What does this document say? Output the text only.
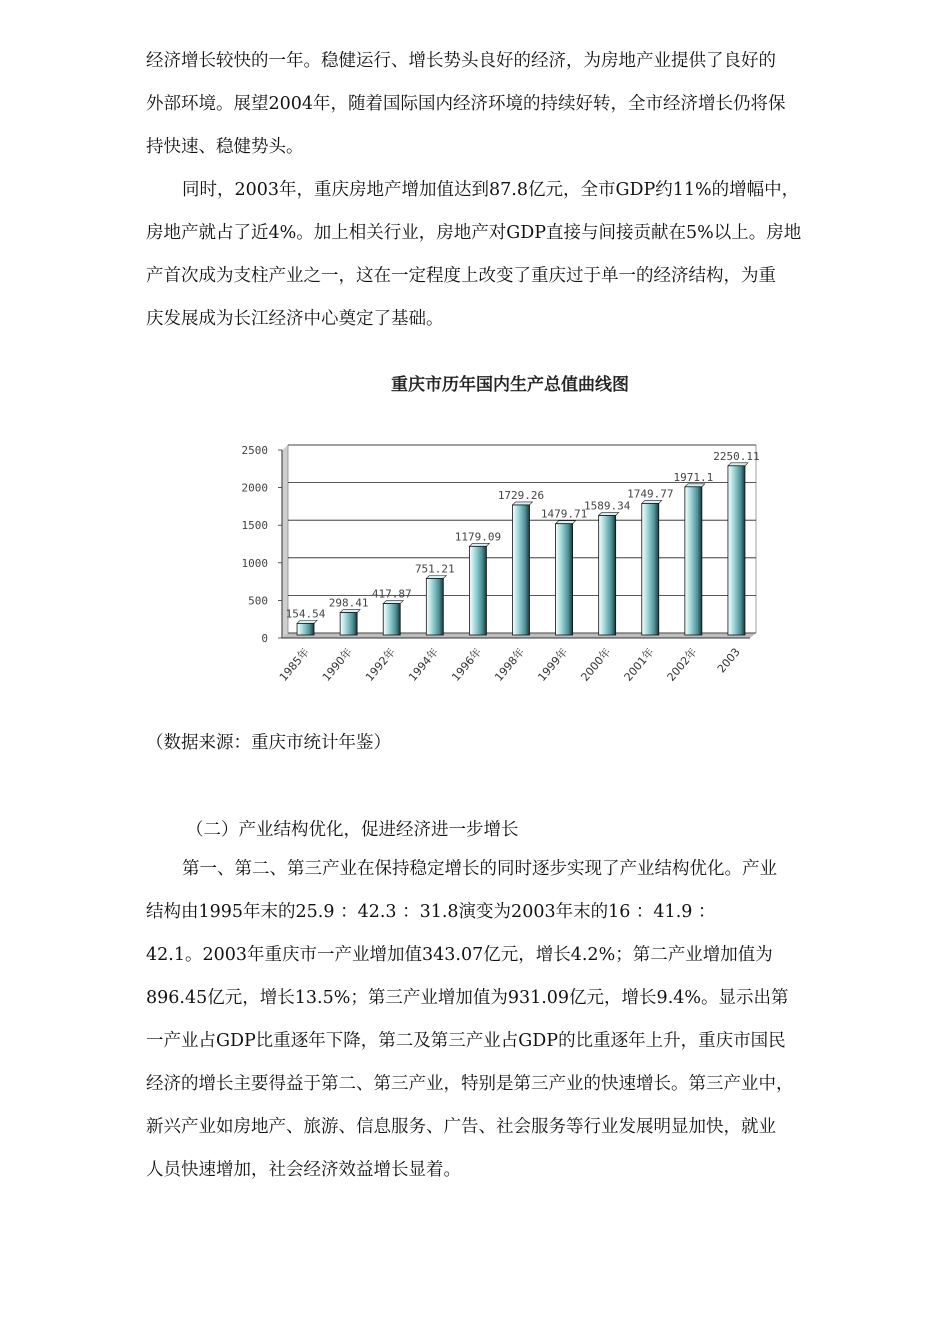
经济增长较快的一年。稳健运行、增长势头良好的经济，为房地产业提供了良好的
外部环境。展望2004年，随着国际国内经济环境的持续好转，全市经济增长仍将保
持快速、稳健势头。
同时，2003年，重庆房地产增加值达到87.8亿元，全市GDP约11%的增幅中，
房地产就占了近4%。加上相关行业，房地产对GDP直接与间接贡献在5%以上。房地
产首次成为支柱产业之一，这在一定程度上改变了重庆过于单一的经济结构，为重
庆发展成为长江经济中心奠定了基础。
重庆市历年国内生产总值曲线图
0
500
1000
1500
2000
2500
154.54
1985年
298.41
1990年
417.87
1992年
751.21
1994年
1179.09
1996年
1729.26
1998年
1479.71
1999年
1589.34
2000年
1749.77
2001年
1971.1
2002年
2250.11
2003
（数据来源：重庆市统计年鉴）
（二）产业结构优化，促进经济进一步增长
第一、第二、第三产业在保持稳定增长的同时逐步实现了产业结构优化。产业
结构由1995年末的25.9 ：42.3 ：31.8演变为2003年末的16 ：41.9 ：
42.1。2003年重庆市一产业增加值343.07亿元，增长4.2%；第二产业增加值为
896.45亿元，增长13.5%；第三产业增加值为931.09亿元，增长9.4%。显示出第
一产业占GDP比重逐年下降，第二及第三产业占GDP的比重逐年上升，重庆市国民
经济的增长主要得益于第二、第三产业，特别是第三产业的快速增长。第三产业中，
新兴产业如房地产、旅游、信息服务、广告、社会服务等行业发展明显加快，就业
人员快速增加，社会经济效益增长显着。
